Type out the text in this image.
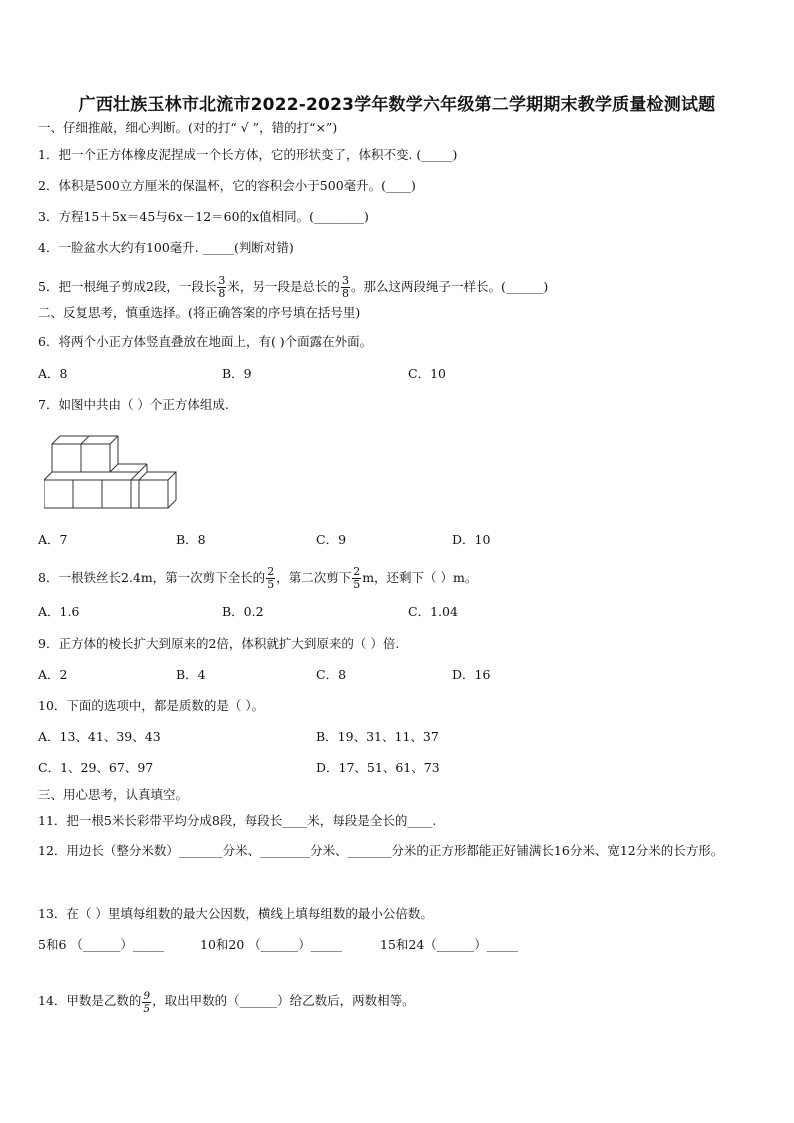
广西壮族玉林市北流市2022-2023学年数学六年级第二学期期末教学质量检测试题
一、仔细推敲，细心判断。(对的打“ √ ”，错的打“×”)
1．把一个正方体橡皮泥捏成一个长方体，它的形状变了，体积不变. (_____)
2．体积是500立方厘米的保温杯，它的容积会小于500毫升。(____)
3．方程15＋5x＝45与6x－12＝60的x值相同。(________)
4．一脸盆水大约有100毫升. _____(判断对错)
5．把一根绳子剪成2段，一段长 $\frac{3}{8}$ 米，另一段是总长的 $\frac{3}{8}$ 。那么这两段绳子一样长。(______)
二、反复思考，慎重选择。(将正确答案的序号填在括号里)
6．将两个小正方体竖直叠放在地面上，有( )个面露在外面。
A．8	B．9	C．10
7．如图中共由（ ）个正方体组成.
A．7	B．8	C．9	D．10
8．一根铁丝长2.4m，第一次剪下全长的 $\frac{2}{5}$ ，第二次剪下 $\frac{2}{5}$ m，还剩下（ ）m。
A．1.6	B．0.2	C．1.04
9．正方体的棱长扩大到原来的2倍，体积就扩大到原来的（ ）倍.
A．2	B．4	C．8	D．16
10．下面的选项中，都是质数的是（ ）。
A．13、41、39、43	B．19、31、11、37
C．1、29、67、97	D．17、51、61、73
三、用心思考，认真填空。
11．把一根5米长彩带平均分成8段，每段长____米，每段是全长的____.
12．用边长（整分米数）_______分米、________分米、_______分米的正方形都能正好铺满长16分米、宽12分米的长方形。
13．在（ ）里填每组数的最大公因数，横线上填每组数的最小公倍数。
5和6 （______）_____	10和20 （______）_____	15和24（______）_____
14．甲数是乙数的 $\frac{9}{5}$ ，取出甲数的（______）给乙数后，两数相等。
